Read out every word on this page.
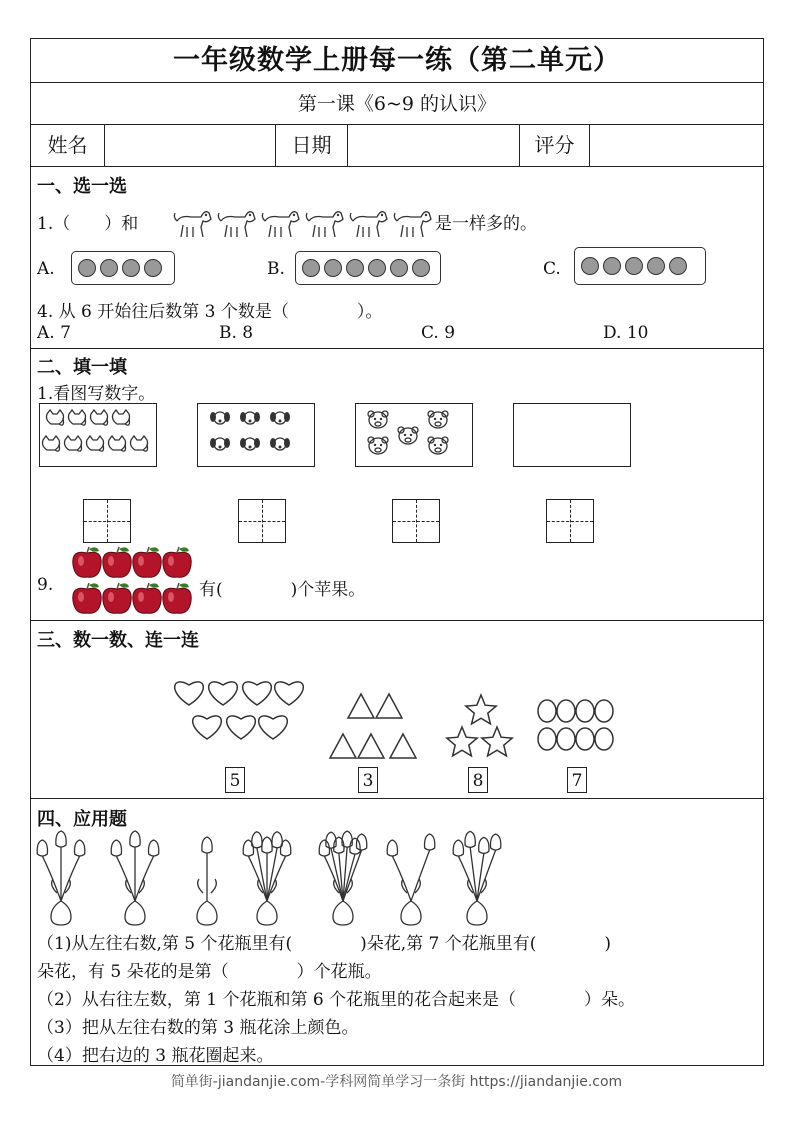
一年级数学上册每一练（第二单元）
第一课《6~9 的认识》
姓名	日期	评分
一、选一选
1.（　　）和	是一样多的。
A.	B.	C.
4. 从 6 开始往后数第 3 个数是（　　　　）。
A. 7	B. 8	C. 9	D. 10
二、填一填
1.看图写数字。
9.	有(　　　　)个苹果。
三、数一数、连一连
5	3	8	7
四、应用题
（1)从左往右数,第 5 个花瓶里有(　　　　)朵花,第 7 个花瓶里有(　　　　)
朵花，有 5 朵花的是第（　　　　）个花瓶。
（2）从右往左数，第 1 个花瓶和第 6 个花瓶里的花合起来是（　　　　）朵。
（3）把从左往右数的第 3 瓶花涂上颜色。
（4）把右边的 3 瓶花圈起来。
简单街-jiandanjie.com-学科网简单学习一条街 https://jiandanjie.com
